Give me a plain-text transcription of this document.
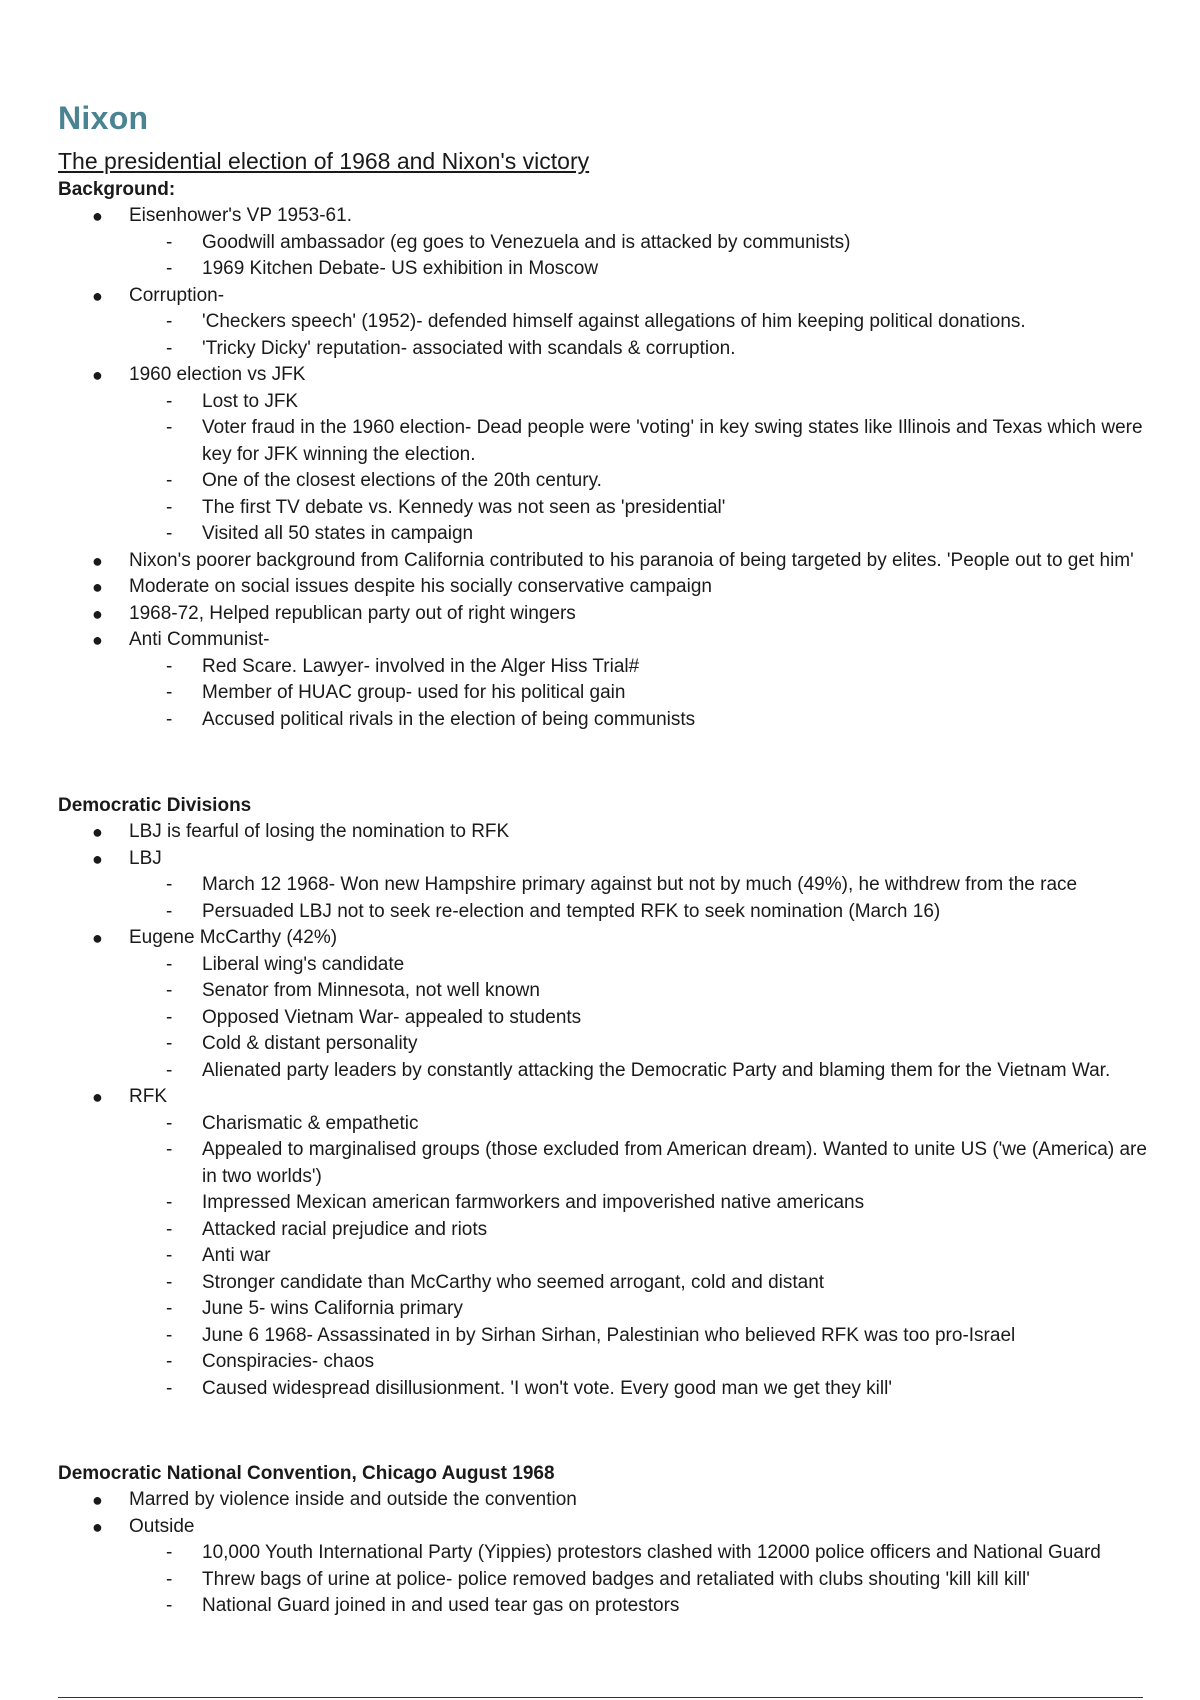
Nixon
The presidential election of 1968 and Nixon's victory
Background:
● Eisenhower's VP 1953-61.
- Goodwill ambassador (eg goes to Venezuela and is attacked by communists)
- 1969 Kitchen Debate- US exhibition in Moscow
● Corruption-
- 'Checkers speech' (1952)- defended himself against allegations of him keeping political donations.
- 'Tricky Dicky' reputation- associated with scandals & corruption.
● 1960 election vs JFK
- Lost to JFK
- Voter fraud in the 1960 election- Dead people were 'voting' in key swing states like Illinois and Texas which were key for JFK winning the election.
- One of the closest elections of the 20th century.
- The first TV debate vs. Kennedy was not seen as 'presidential'
- Visited all 50 states in campaign
● Nixon's poorer background from California contributed to his paranoia of being targeted by elites. 'People out to get him'
● Moderate on social issues despite his socially conservative campaign
● 1968-72, Helped republican party out of right wingers
● Anti Communist-
- Red Scare. Lawyer- involved in the Alger Hiss Trial#
- Member of HUAC group- used for his political gain
- Accused political rivals in the election of being communists
Democratic Divisions
● LBJ is fearful of losing the nomination to RFK
● LBJ
- March 12 1968- Won new Hampshire primary against but not by much (49%), he withdrew from the race
- Persuaded LBJ not to seek re-election and tempted RFK to seek nomination (March 16)
● Eugene McCarthy (42%)
- Liberal wing's candidate
- Senator from Minnesota, not well known
- Opposed Vietnam War- appealed to students
- Cold & distant personality
- Alienated party leaders by constantly attacking the Democratic Party and blaming them for the Vietnam War.
● RFK
- Charismatic & empathetic
- Appealed to marginalised groups (those excluded from American dream). Wanted to unite US ('we (America) are in two worlds')
- Impressed Mexican american farmworkers and impoverished native americans
- Attacked racial prejudice and riots
- Anti war
- Stronger candidate than McCarthy who seemed arrogant, cold and distant
- June 5- wins California primary
- June 6 1968- Assassinated in by Sirhan Sirhan, Palestinian who believed RFK was too pro-Israel
- Conspiracies- chaos
- Caused widespread disillusionment. 'I won't vote. Every good man we get they kill'
Democratic National Convention, Chicago August 1968
● Marred by violence inside and outside the convention
● Outside
- 10,000 Youth International Party (Yippies) protestors clashed with 12000 police officers and National Guard
- Threw bags of urine at police- police removed badges and retaliated with clubs shouting 'kill kill kill'
- National Guard joined in and used tear gas on protestors
